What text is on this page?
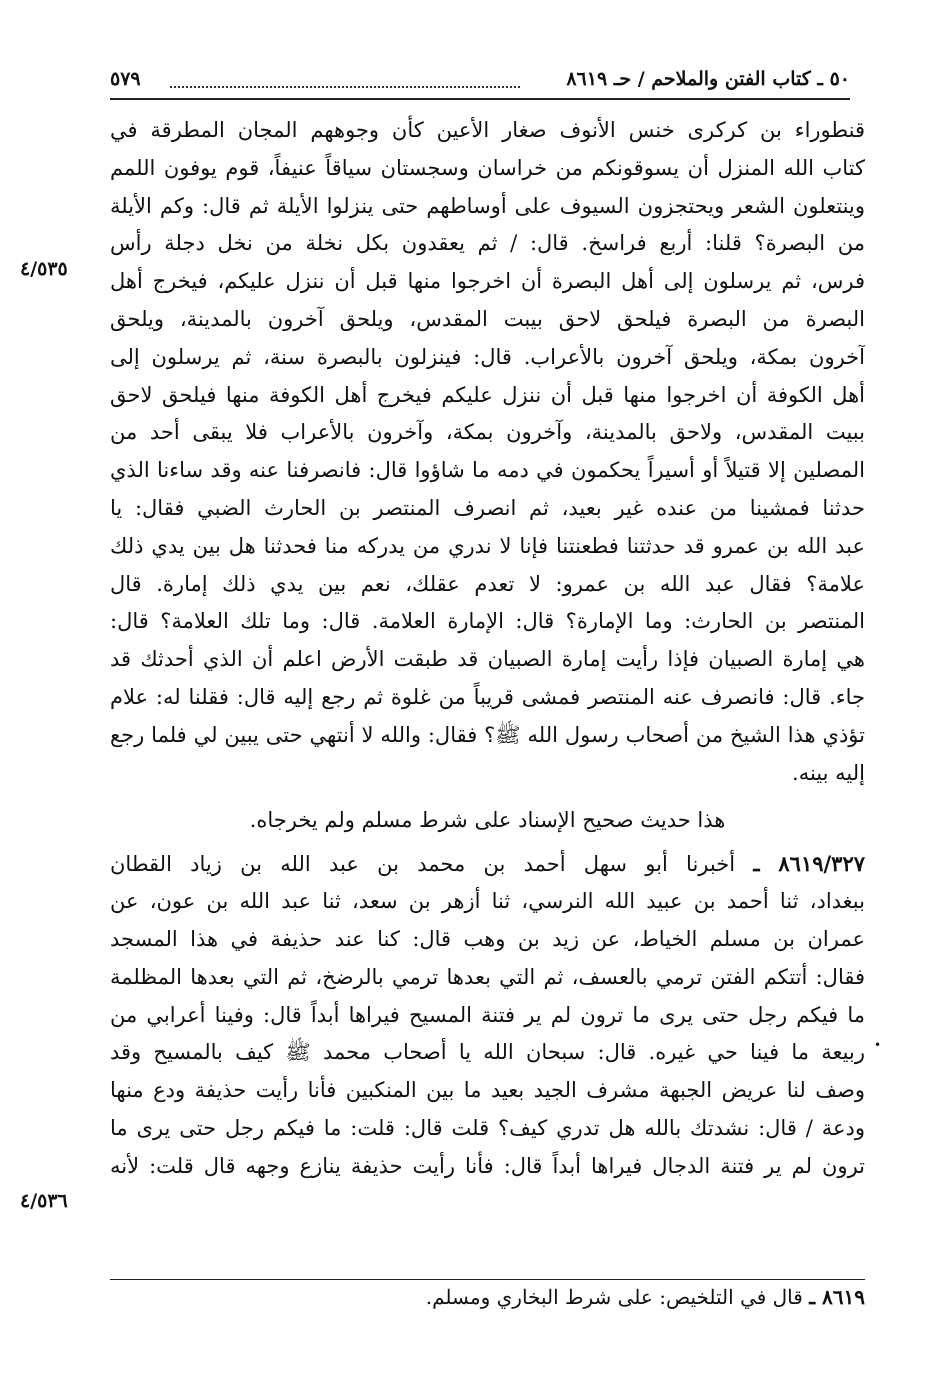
٥٠ ـ كتاب الفتن والملاحم / حـ ٨٦١٩
٥٧٩
قنطوراء بن كركرى خنس الأنوف صغار الأعين كأن وجوههم المجان المطرقة في
كتاب الله المنزل أن يسوقونكم من خراسان وسجستان سياقاً عنيفاً، قوم يوفون اللمم
وينتعلون الشعر ويحتجزون السيوف على أوساطهم حتى ينزلوا الأيلة ثم قال: وكم الأيلة
من البصرة؟ قلنا: أربع فراسخ. قال: / ثم يعقدون بكل نخلة من نخل دجلة رأس
فرس، ثم يرسلون إلى أهل البصرة أن اخرجوا منها قبل أن ننزل عليكم، فيخرج أهل
البصرة من البصرة فيلحق لاحق بيبت المقدس، ويلحق آخرون بالمدينة، ويلحق
آخرون بمكة، ويلحق آخرون بالأعراب. قال: فينزلون بالبصرة سنة، ثم يرسلون إلى
أهل الكوفة أن اخرجوا منها قبل أن ننزل عليكم فيخرج أهل الكوفة منها فيلحق لاحق
ببيت المقدس، ولاحق بالمدينة، وآخرون بمكة، وآخرون بالأعراب فلا يبقى أحد من
المصلين إلا قتيلاً أو أسيراً يحكمون في دمه ما شاؤوا قال: فانصرفنا عنه وقد ساءنا الذي
حدثنا فمشينا من عنده غير بعيد، ثم انصرف المنتصر بن الحارث الضبي فقال: يا
عبد الله بن عمرو قد حدثتنا فطعنتنا فإنا لا ندري من يدركه منا فحدثنا هل بين يدي ذلك
علامة؟ فقال عبد الله بن عمرو: لا تعدم عقلك، نعم بين يدي ذلك إمارة. قال
المنتصر بن الحارث: وما الإمارة؟ قال: الإمارة العلامة. قال: وما تلك العلامة؟ قال:
هي إمارة الصبيان فإذا رأيت إمارة الصبيان قد طبقت الأرض اعلم أن الذي أحدثك قد
جاء. قال: فانصرف عنه المنتصر فمشى قريباً من غلوة ثم رجع إليه قال: فقلنا له: علام
تؤذي هذا الشيخ من أصحاب رسول الله ﷺ؟ فقال: والله لا أنتهي حتى يبين لي فلما رجع
إليه بينه.
هذا حديث صحيح الإسناد على شرط مسلم ولم يخرجاه.
٨٦١٩/٣٢٧ ـ أخبرنا أبو سهل أحمد بن محمد بن عبد الله بن زياد القطان
ببغداد، ثنا أحمد بن عبيد الله النرسي، ثنا أزهر بن سعد، ثنا عبد الله بن عون، عن
عمران بن مسلم الخياط، عن زيد بن وهب قال: كنا عند حذيفة في هذا المسجد
فقال: أتتكم الفتن ترمي بالعسف، ثم التي بعدها ترمي بالرضخ، ثم التي بعدها المظلمة
ما فيكم رجل حتى يرى ما ترون لم ير فتنة المسيح فيراها أبداً قال: وفينا أعرابي من
ربيعة ما فينا حي غيره. قال: سبحان الله يا أصحاب محمد ﷺ كيف بالمسيح وقد
وصف لنا عريض الجبهة مشرف الجيد بعيد ما بين المنكبين فأنا رأيت حذيفة ودع منها
ودعة / قال: نشدتك بالله هل تدري كيف؟ قلت قال: قلت: ما فيكم رجل حتى يرى ما
ترون لم ير فتنة الدجال فيراها أبداً قال: فأنا رأيت حذيفة ينازع وجهه قال قلت: لأنه
٤/٥٣٥
٤/٥٣٦
•
٨٦١٩ ـ قال في التلخيص: على شرط البخاري ومسلم.
